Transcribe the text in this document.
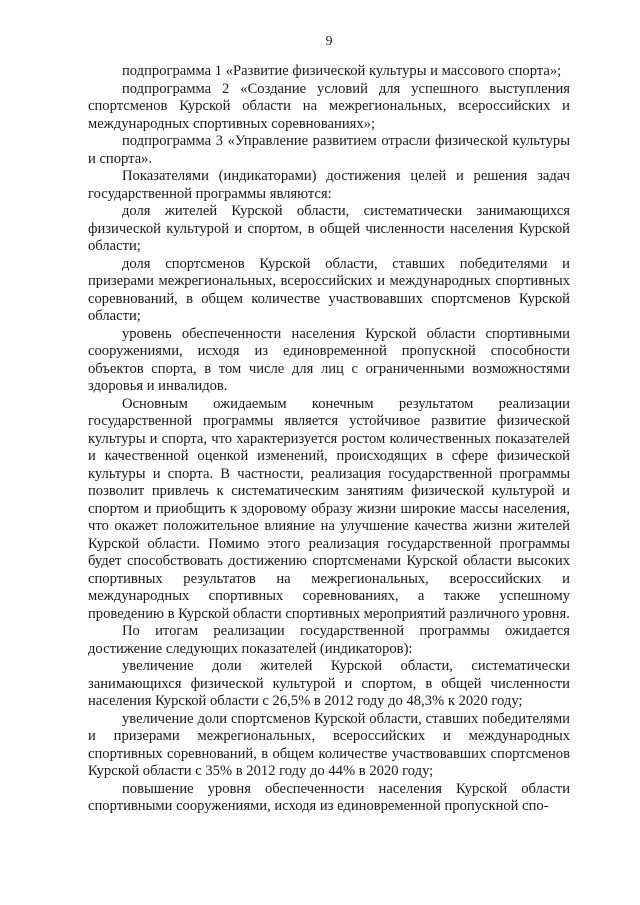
9

подпрограмма 1 «Развитие физической культуры и массового спорта»;

подпрограмма 2 «Создание условий для успешного выступления спортсменов Курской области на межрегиональных, всероссийских и международных спортивных соревнованиях»;

подпрограмма 3 «Управление развитием отрасли физической культуры и спорта».

Показателями (индикаторами) достижения целей и решения задач государственной программы являются:

доля жителей Курской области, систематически занимающихся физической культурой и спортом, в общей численности населения Курской области;

доля спортсменов Курской области, ставших победителями и призерами межрегиональных, всероссийских и международных спортивных соревнований, в общем количестве участвовавших спортсменов Курской области;

уровень обеспеченности населения Курской области спортивными сооружениями, исходя из единовременной пропускной способности объектов спорта, в том числе для лиц с ограниченными возможностями здоровья и инвалидов.

Основным ожидаемым конечным результатом реализации государственной программы является устойчивое развитие физической культуры и спорта, что характеризуется ростом количественных показателей и качественной оценкой изменений, происходящих в сфере физической культуры и спорта. В частности, реализация государственной программы позволит привлечь к систематическим занятиям физической культурой и спортом и приобщить к здоровому образу жизни широкие массы населения, что окажет положительное влияние на улучшение качества жизни жителей Курской области. Помимо этого реализация государственной программы будет способствовать достижению спортсменами Курской области высоких спортивных результатов на межрегиональных, всероссийских и международных спортивных соревнованиях, а также успешному проведению в Курской области спортивных мероприятий различного уровня.

По итогам реализации государственной программы ожидается достижение следующих показателей (индикаторов):

увеличение доли жителей Курской области, систематически занимающихся физической культурой и спортом, в общей численности населения Курской области с 26,5% в 2012 году до 48,3% к 2020 году;

увеличение доли спортсменов Курской области, ставших победителями и призерами межрегиональных, всероссийских и международных спортивных соревнований, в общем количестве участвовавших спортсменов Курской области с 35% в 2012 году до 44% в 2020 году;

повышение уровня обеспеченности населения Курской области спортивными сооружениями, исходя из единовременной пропускной спо-
